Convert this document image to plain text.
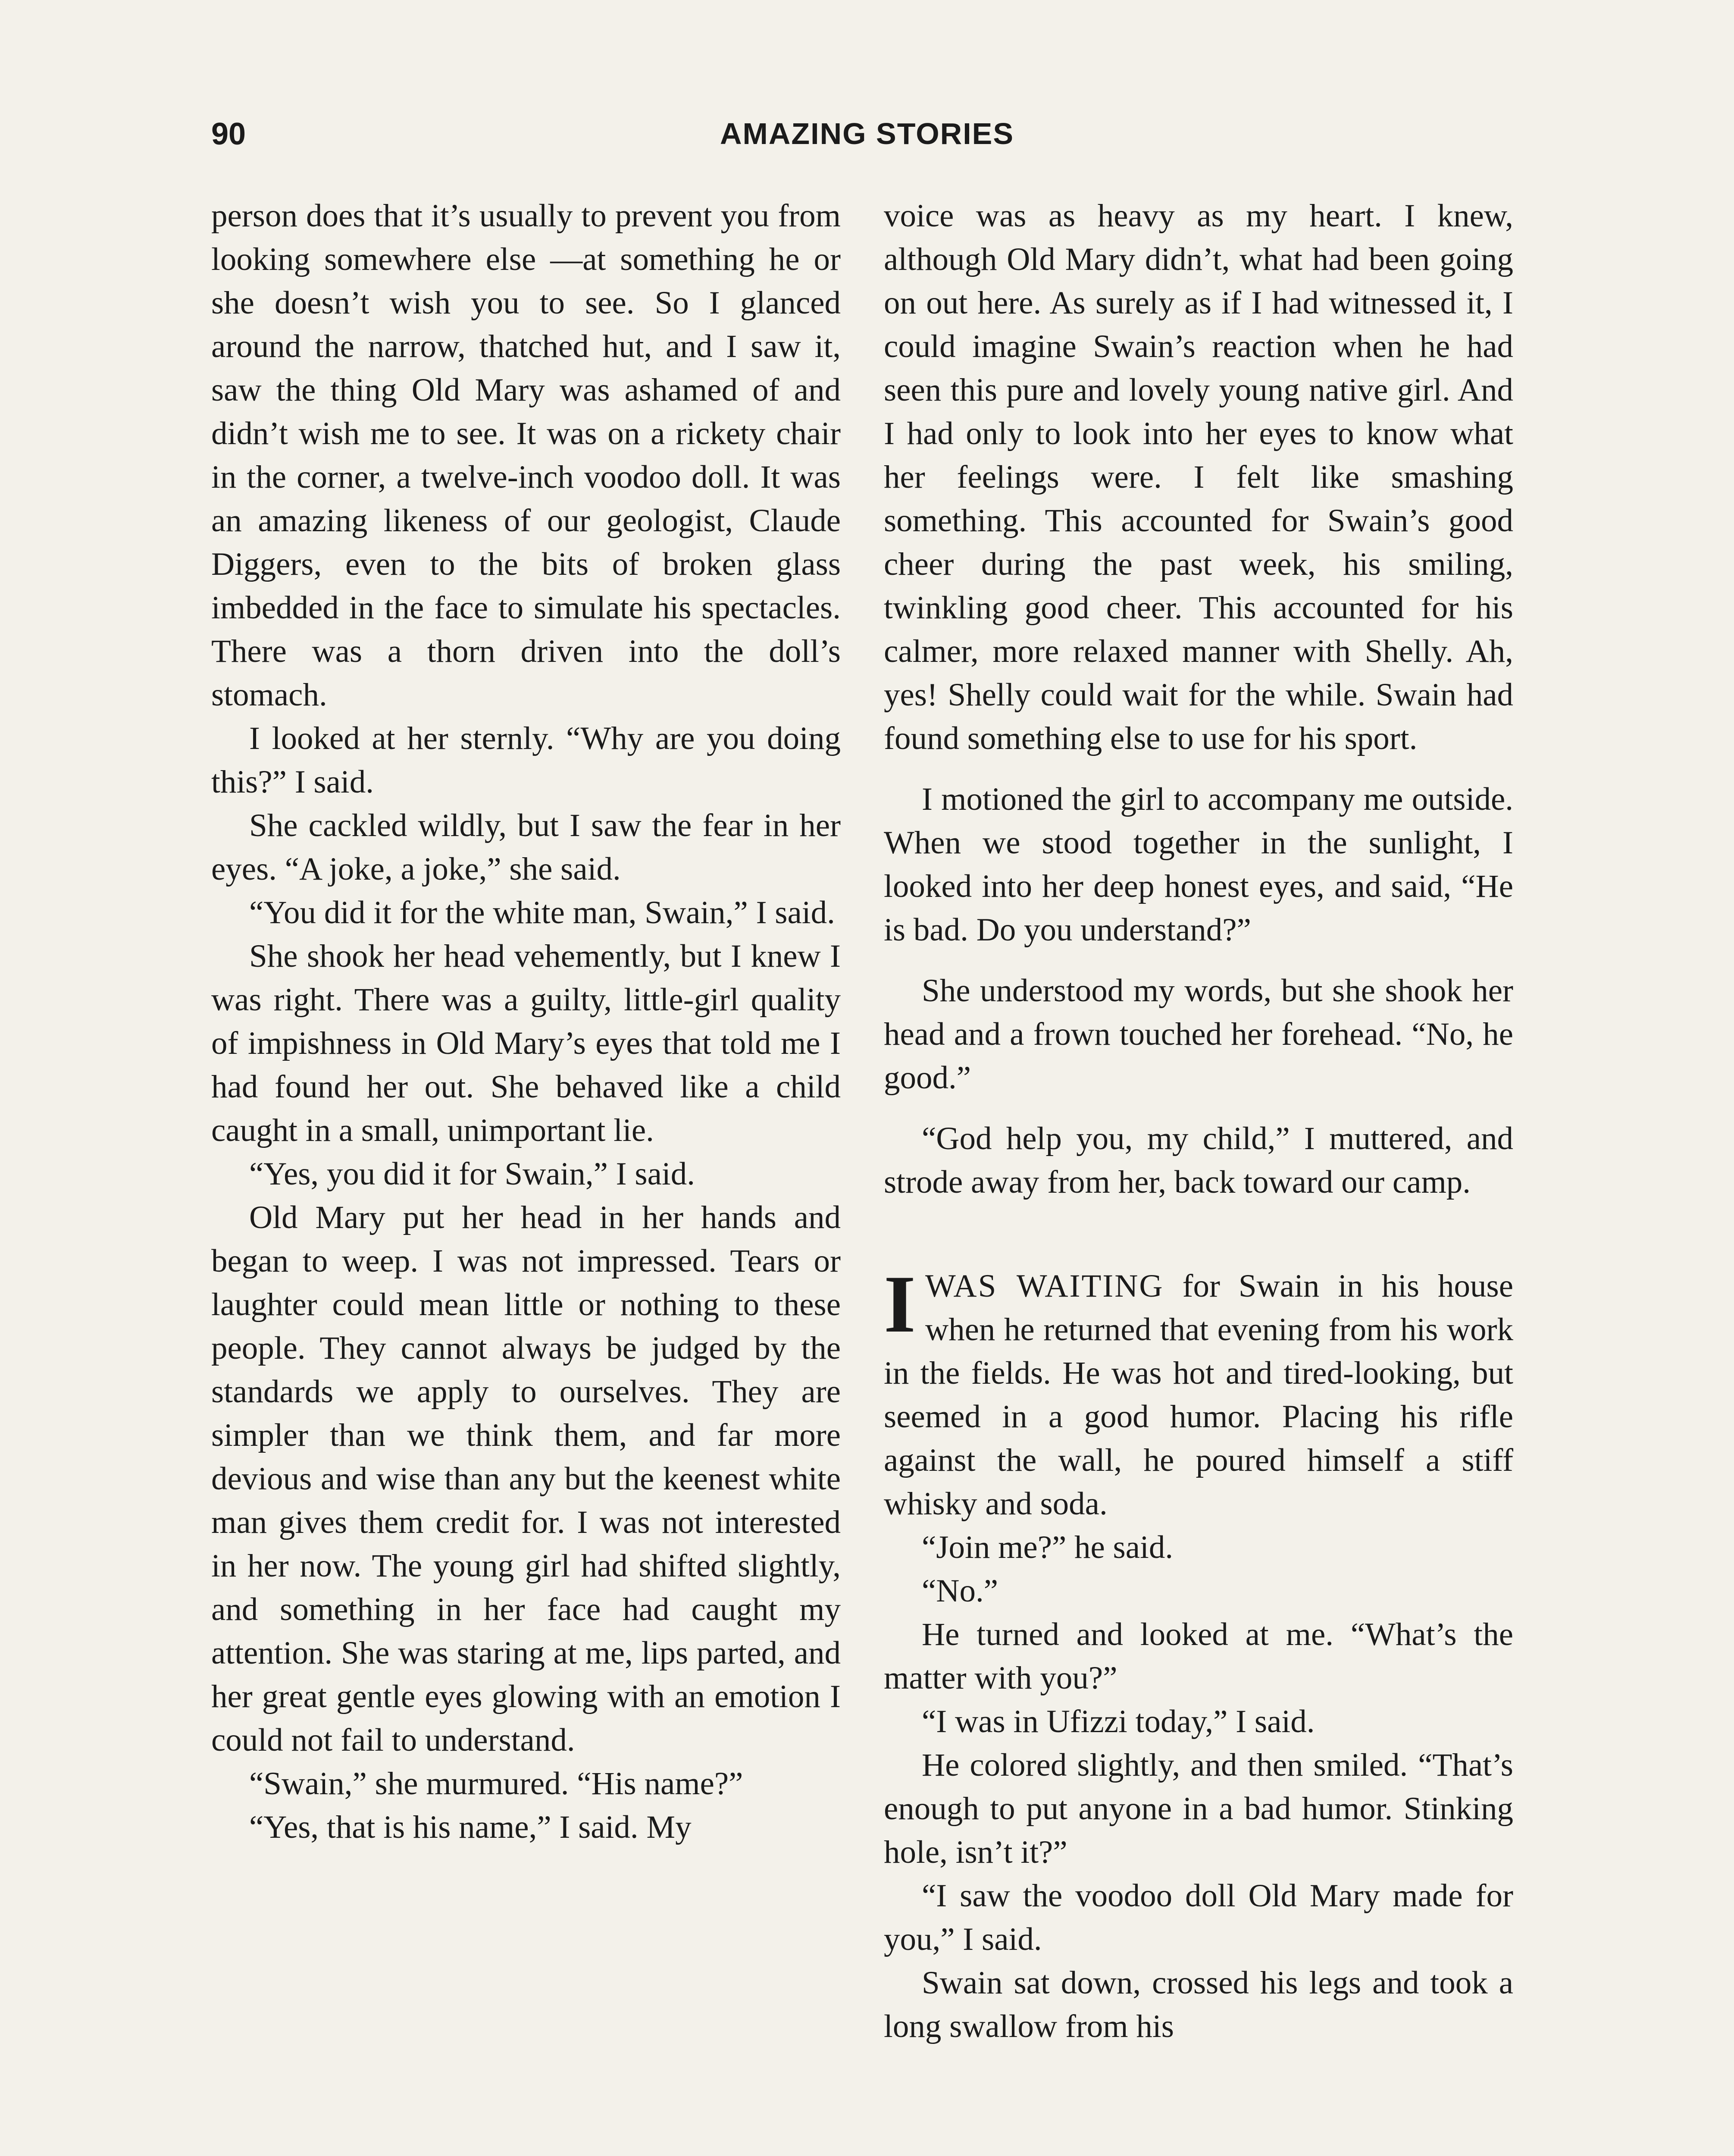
90	AMAZING STORIES

person does that it’s usually to prevent you from looking somewhere else —at something he or she doesn’t wish you to see. So I glanced around the narrow, thatched hut, and I saw it, saw the thing Old Mary was ashamed of and didn’t wish me to see. It was on a rickety chair in the corner, a twelve-inch voodoo doll. It was an amazing likeness of our geologist, Claude Diggers, even to the bits of broken glass imbedded in the face to simulate his spectacles. There was a thorn driven into the doll’s stomach.

I looked at her sternly. “Why are you doing this?” I said.

She cackled wildly, but I saw the fear in her eyes. “A joke, a joke,” she said.

“You did it for the white man, Swain,” I said.

She shook her head vehemently, but I knew I was right. There was a guilty, little-girl quality of impishness in Old Mary’s eyes that told me I had found her out. She behaved like a child caught in a small, unimportant lie.

“Yes, you did it for Swain,” I said.

Old Mary put her head in her hands and began to weep. I was not impressed. Tears or laughter could mean little or nothing to these people. They cannot always be judged by the standards we apply to ourselves. They are simpler than we think them, and far more devious and wise than any but the keenest white man gives them credit for. I was not interested in her now. The young girl had shifted slightly, and something in her face had caught my attention. She was staring at me, lips parted, and her great gentle eyes glowing with an emotion I could not fail to understand.

“Swain,” she murmured. “His name?”

“Yes, that is his name,” I said. My

voice was as heavy as my heart. I knew, although Old Mary didn’t, what had been going on out here. As surely as if I had witnessed it, I could imagine Swain’s reaction when he had seen this pure and lovely young native girl. And I had only to look into her eyes to know what her feelings were. I felt like smashing something. This accounted for Swain’s good cheer during the past week, his smiling, twinkling good cheer. This accounted for his calmer, more relaxed manner with Shelly. Ah, yes! Shelly could wait for the while. Swain had found something else to use for his sport.

I motioned the girl to accompany me outside. When we stood together in the sunlight, I looked into her deep honest eyes, and said, “He is bad. Do you understand?”

She understood my words, but she shook her head and a frown touched her forehead. “No, he good.”

“God help you, my child,” I muttered, and strode away from her, back toward our camp.

IWAS WAITING for Swain in his house when he returned that evening from his work in the fields. He was hot and tired-looking, but seemed in a good humor. Placing his rifle against the wall, he poured himself a stiff whisky and soda.

“Join me?” he said.

“No.”

He turned and looked at me. “What’s the matter with you?”

“I was in Ufizzi today,” I said.

He colored slightly, and then smiled. “That’s enough to put anyone in a bad humor. Stinking hole, isn’t it?”

“I saw the voodoo doll Old Mary made for you,” I said.

Swain sat down, crossed his legs and took a long swallow from his
